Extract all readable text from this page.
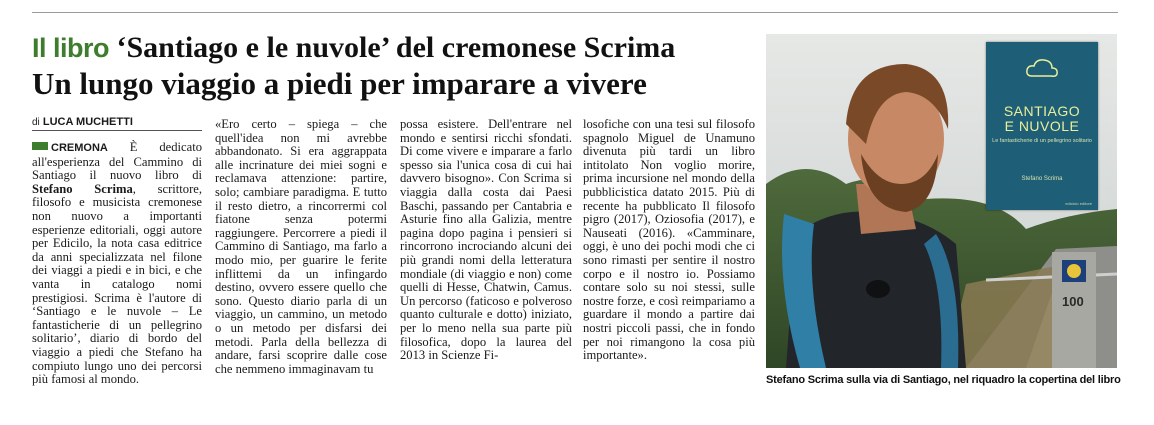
Il libro ‘Santiago e le nuvole’ del cremonese Scrima
Un lungo viaggio a piedi per imparare a vivere
di LUCA MUCHETTI

CREMONA È dedicato all'esperienza del Cammino di Santiago il nuovo libro di Stefano Scrima, scrittore, filosofo e musicista cremonese non nuovo a importanti esperienze editoriali, oggi autore per Edicilo, la nota casa editrice da anni specializzata nel filone dei viaggi a piedi e in bici, e che vanta in catalogo nomi prestigiosi. Scrima è l'autore di ‘Santiago e le nuvole – Le fantasticherie di un pellegrino solitario’, diario di bordo del viaggio a piedi che Stefano ha compiuto lungo uno dei percorsi più famosi al mondo.

«Ero certo – spiega – che quell'idea non mi avrebbe abbandonato. Si era aggrappata alle incrinature dei miei sogni e reclamava attenzione: partire, solo; cambiare paradigma. E tutto il resto dietro, a rincorrermi col fiatone senza potermi raggiungere. Percorrere a piedi il Cammino di Santiago, ma farlo a modo mio, per guarire le ferite inflittemi da un infingardo destino, ovvero essere quello che sono. Questo diario parla di un viaggio, un cammino, un metodo o un metodo per disfarsi dei metodi. Parla della bellezza di andare, farsi scoprire dalle cose che nemmeno immaginavam tu

possa esistere. Dell'entrare nel mondo e sentirsi ricchi sfondati. Di come vivere e imparare a farlo spesso sia l'unica cosa di cui hai davvero bisogno». Con Scrima si viaggia dalla costa dai Paesi Baschi, passando per Cantabria e Asturie fino alla Galizia, mentre pagina dopo pagina i pensieri si rincorrono incrociando alcuni dei più grandi nomi della letteratura mondiale (di viaggio e non) come quelli di Hesse, Chatwin, Camus. Un percorso (faticoso e polveroso quanto culturale e dotto) iniziato, per lo meno nella sua parte più filosofica, dopo la laurea del 2013 in Scienze Fi-

losofiche con una tesi sul filosofo spagnolo Miguel de Unamuno divenuta più tardi un libro intitolato Non voglio morire, prima incursione nel mondo della pubblicistica datato 2015. Più di recente ha pubblicato Il filosofo pigro (2017), Oziosofia (2017), e Nauseati (2016). «Camminare, oggi, è uno dei pochi modi che ci sono rimasti per sentire il nostro corpo e il nostro io. Possiamo contare solo su noi stessi, sulle nostre forze, e così reimpariamo a guardare il mondo a partire dai nostri piccoli passi, che in fondo per noi rimangono la cosa più importante».

100
SANTIAGO
E NUVOLE
Le fantasticherie di un pellegrino solitario
Stefano Scrima
ediciclo editore
Stefano Scrima sulla via di Santiago, nel riquadro la copertina del libro
